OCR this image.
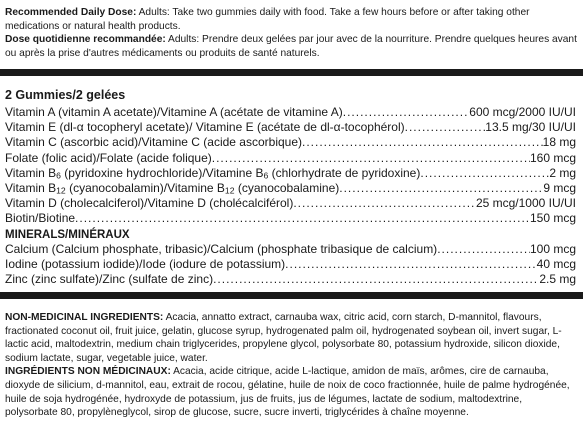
Recommended Daily Dose: Adults: Take two gummies daily with food. Take a few hours before or after taking other medications or natural health products.

Dose quotidienne recommandée: Adults: Prendre deux gelées par jour avec de la nourriture. Prendre quelques heures avant ou après la prise d'autres médicaments ou produits de santé naturels.

2 Gummies/2 gelées
Vitamin A (vitamin A acetate)/Vitamine A (acétate de vitamine A) .....	600 mcg/2000 IU/UI
Vitamin E (dl-α tocopheryl acetate)/ Vitamine E (acétate de dl-α-tocophérol) .....	13.5 mg/30 IU/UI
Vitamin C (ascorbic acid)/Vitamine C (acide ascorbique) .....	18 mg
Folate (folic acid)/Folate (acide folique) .....	160 mcg
Vitamin $B_6$ (pyridoxine hydrochloride)/Vitamine $B_6$ (chlorhydrate de pyridoxine) .....	2 mg
Vitamin $B_{12}$ (cyanocobalamin)/Vitamine $B_{12}$ (cyanocobalamine) .....	9 mcg
Vitamin D (cholecalciferol)/Vitamine D (cholécalciférol) .....	25 mcg/1000 IU/UI
Biotin/Biotine .....	150 mcg
MINERALS/MINÉRAUX
Calcium (Calcium phosphate, tribasic)/Calcium (phosphate tribasique de calcium) .....	100 mcg
Iodine (potassium iodide)/Iode (iodure de potassium) .....	40 mcg
Zinc (zinc sulfate)/Zinc (sulfate de zinc) .....	2.5 mg

NON-MEDICINAL INGREDIENTS: Acacia, annatto extract, carnauba wax, citric acid, corn starch, D-mannitol, flavours, fractionated coconut oil, fruit juice, gelatin, glucose syrup, hydrogenated palm oil, hydrogenated soybean oil, invert sugar, L-lactic acid, maltodextrin, medium chain triglycerides, propylene glycol, polysorbate 80, potassium hydroxide, silicon dioxide, sodium lactate, sugar, vegetable juice, water.

INGRÉDIENTS NON MÉDICINAUX: Acacia, acide citrique, acide L-lactique, amidon de maïs, arômes, cire de carnauba, dioxyde de silicium, d-mannitol, eau, extrait de rocou, gélatine, huile de noix de coco fractionnée, huile de palme hydrogénée, huile de soja hydrogénée, hydroxyde de potassium, jus de fruits, jus de légumes, lactate de sodium, maltodextrine, polysorbate 80, propylèneglycol, sirop de glucose, sucre, sucre inverti, triglycérides à chaîne moyenne.
